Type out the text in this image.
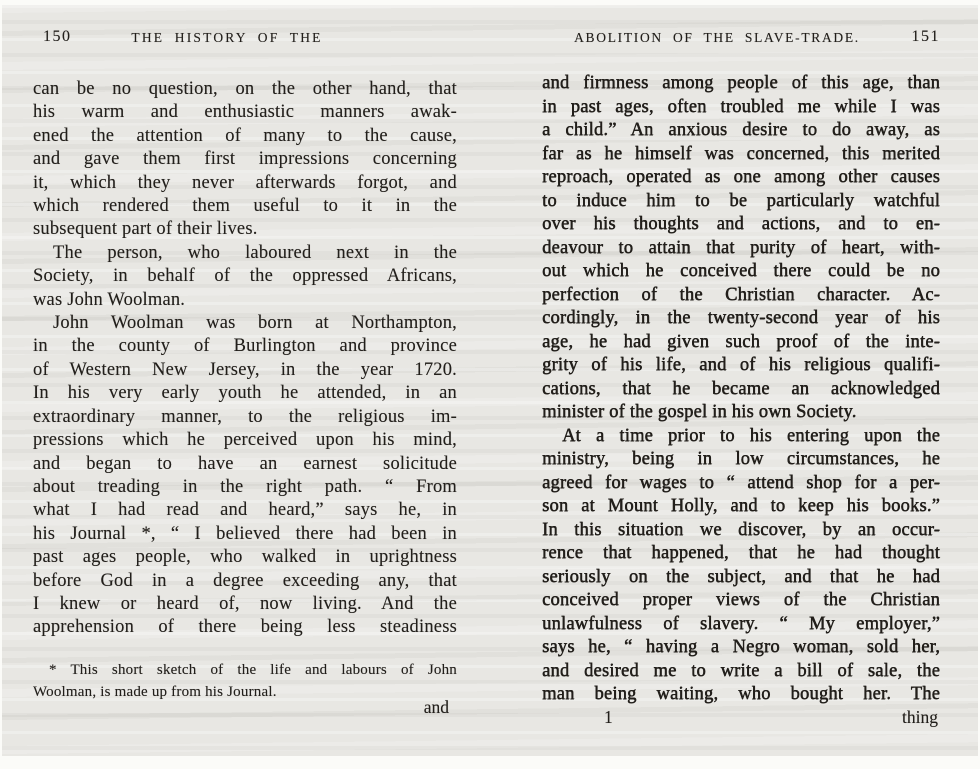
150	THE HISTORY OF THE
can be no question, on the other hand, that
his warm and enthusiastic manners awak-
ened the attention of many to the cause,
and gave them first impressions concerning
it, which they never afterwards forgot, and
which rendered them useful to it in the
subsequent part of their lives.
The person, who laboured next in the
Society, in behalf of the oppressed Africans,
was John Woolman.
John Woolman was born at Northampton,
in the county of Burlington and province
of Western New Jersey, in the year 1720.
In his very early youth he attended, in an
extraordinary manner, to the religious im-
pressions which he perceived upon his mind,
and began to have an earnest solicitude
about treading in the right path. “ From
what I had read and heard,” says he, in
his Journal *, “ I believed there had been in
past ages people, who walked in uprightness
before God in a degree exceeding any, that
I knew or heard of, now living. And the
apprehension of there being less steadiness
* This short sketch of the life and labours of John
Woolman, is made up from his Journal.
and
ABOLITION OF THE SLAVE-TRADE.	151
and firmness among people of this age, than
in past ages, often troubled me while I was
a child.” An anxious desire to do away, as
far as he himself was concerned, this merited
reproach, operated as one among other causes
to induce him to be particularly watchful
over his thoughts and actions, and to en-
deavour to attain that purity of heart, with-
out which he conceived there could be no
perfection of the Christian character. Ac-
cordingly, in the twenty-second year of his
age, he had given such proof of the inte-
grity of his life, and of his religious qualifi-
cations, that he became an acknowledged
minister of the gospel in his own Society.
At a time prior to his entering upon the
ministry, being in low circumstances, he
agreed for wages to “ attend shop for a per-
son at Mount Holly, and to keep his books.”
In this situation we discover, by an occur-
rence that happened, that he had thought
seriously on the subject, and that he had
conceived proper views of the Christian
unlawfulness of slavery. “ My employer,”
says he, “ having a Negro woman, sold her,
and desired me to write a bill of sale, the
man being waiting, who bought her. The
1	thing
